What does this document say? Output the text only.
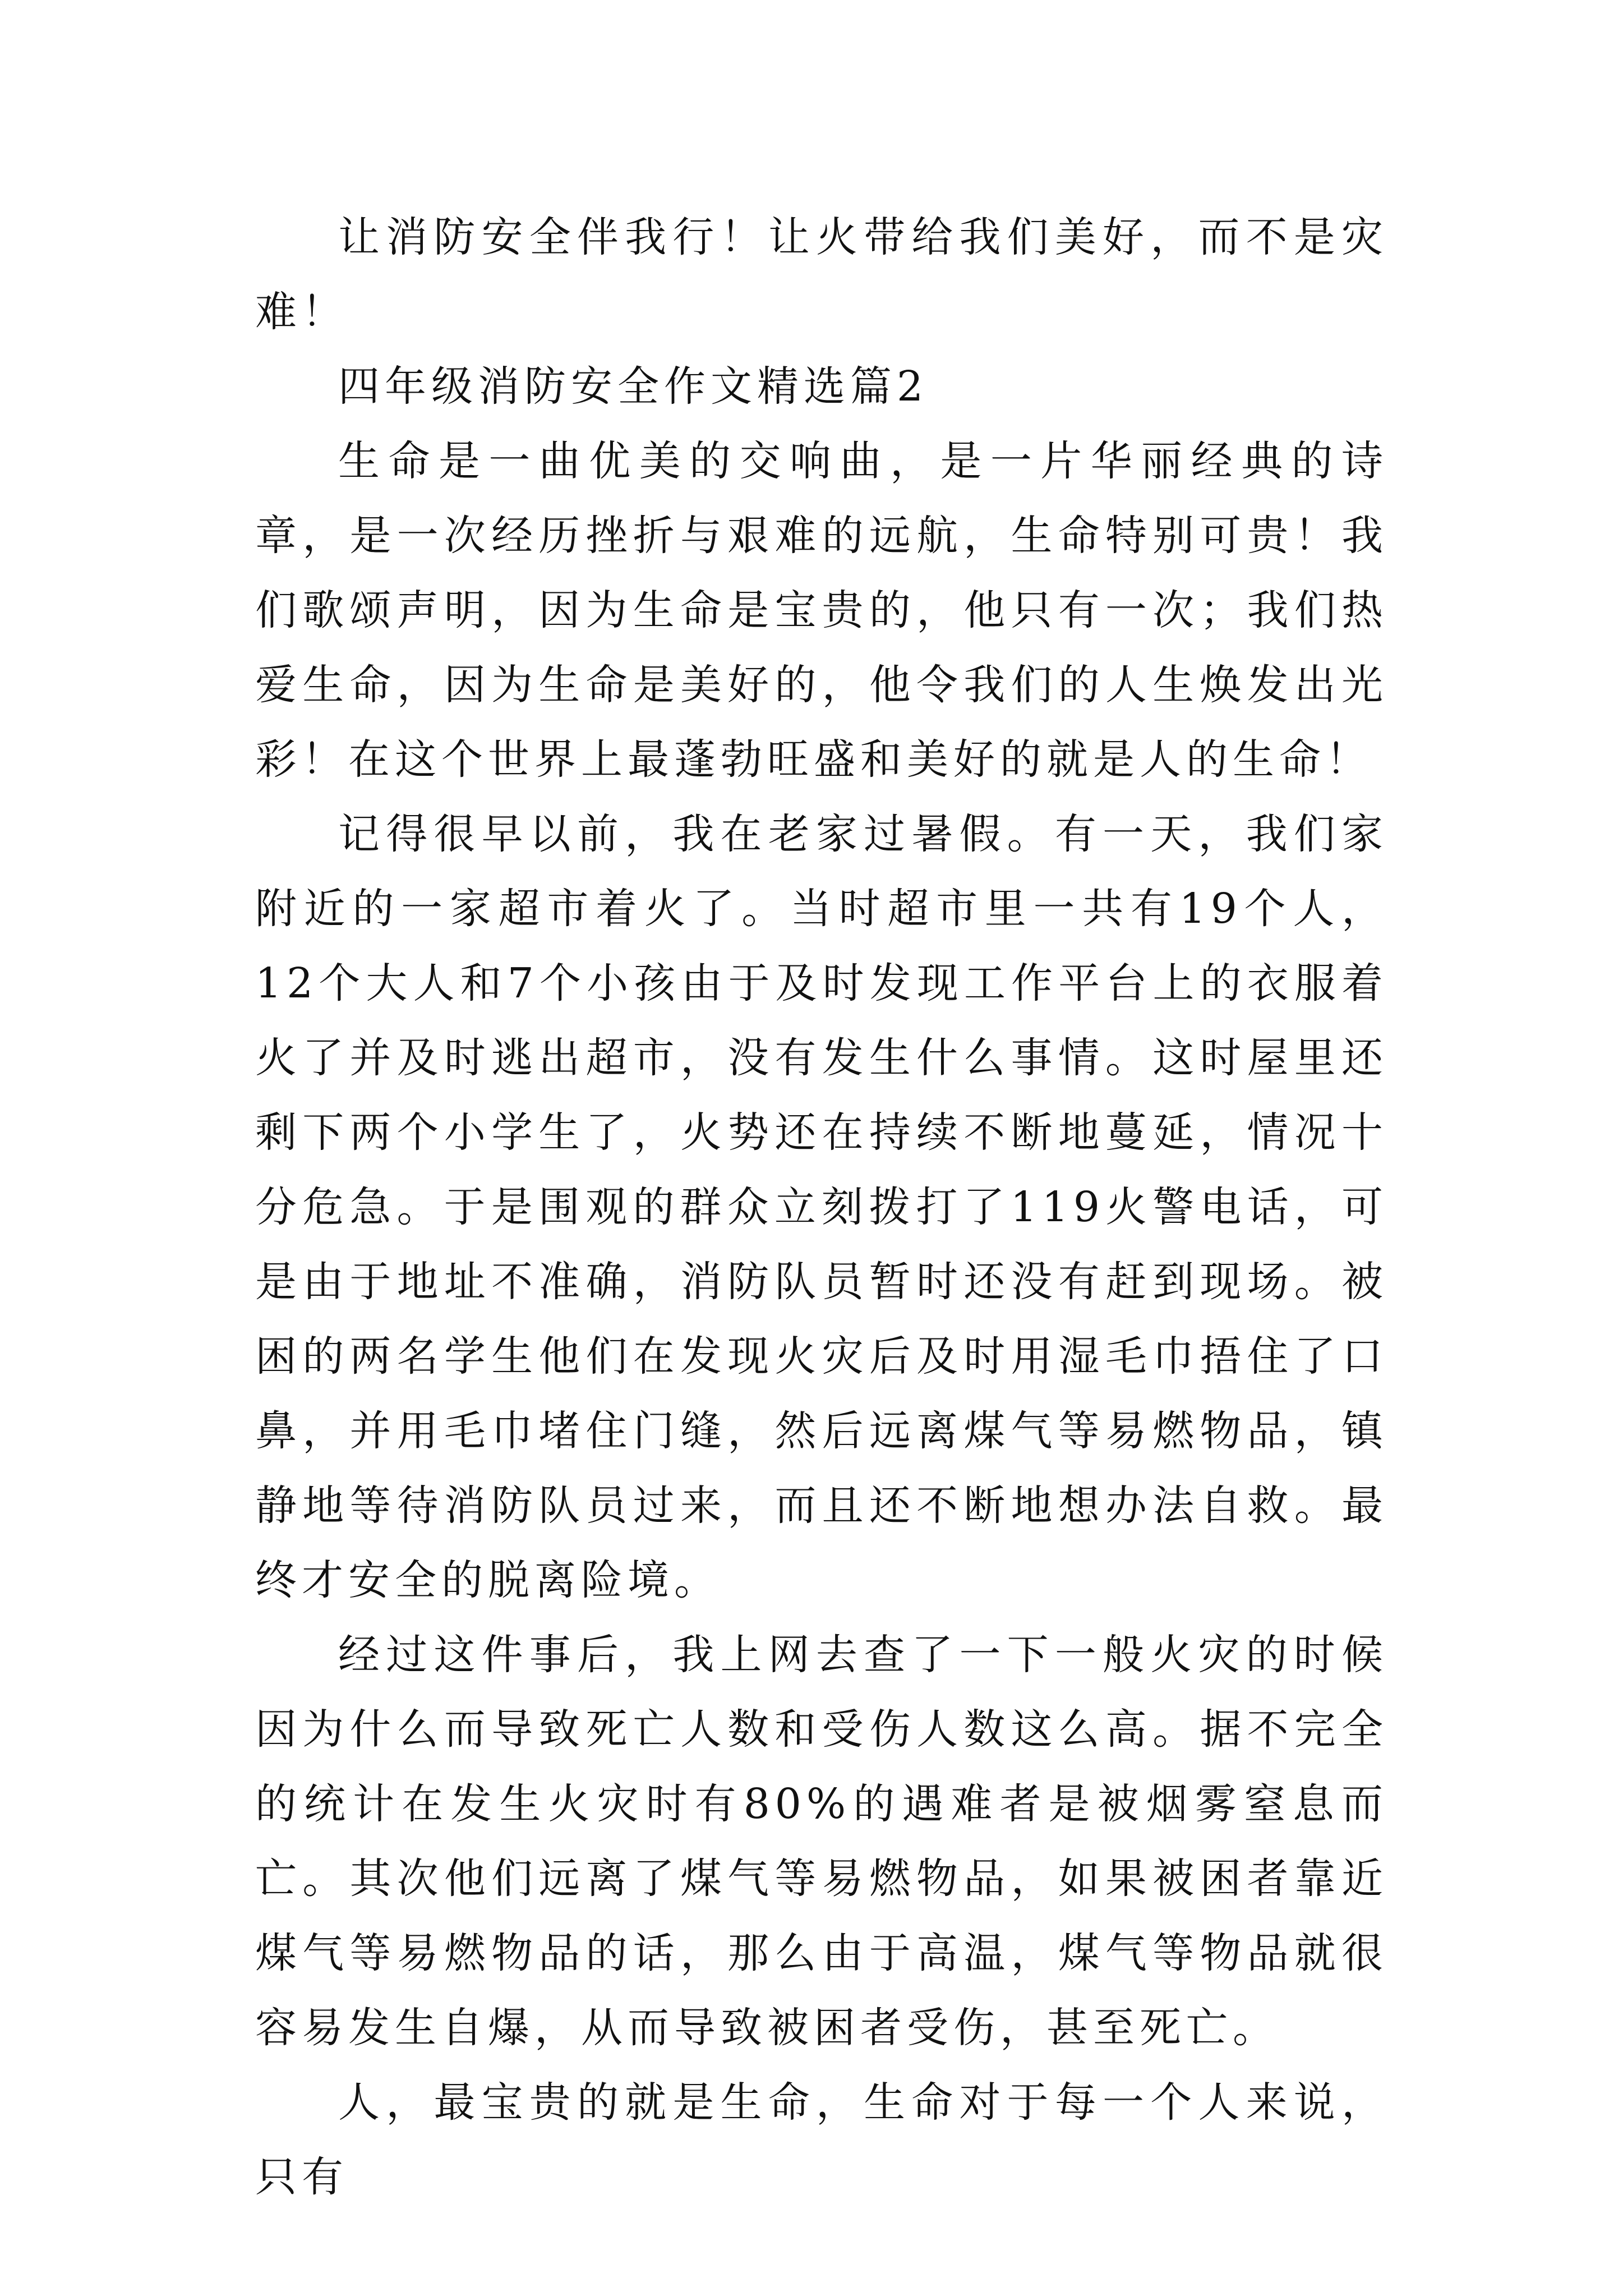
让消防安全伴我行！让火带给我们美好，而不是灾难！

四年级消防安全作文精选篇2

生命是一曲优美的交响曲，是一片华丽经典的诗章，是一次经历挫折与艰难的远航，生命特别可贵！我们歌颂声明，因为生命是宝贵的，他只有一次；我们热爱生命，因为生命是美好的，他令我们的人生焕发出光彩！在这个世界上最蓬勃旺盛和美好的就是人的生命！

记得很早以前，我在老家过暑假。有一天，我们家附近的一家超市着火了。当时超市里一共有19个人，12个大人和7个小孩由于及时发现工作平台上的衣服着火了并及时逃出超市，没有发生什么事情。这时屋里还剩下两个小学生了，火势还在持续不断地蔓延，情况十分危急。于是围观的群众立刻拨打了119火警电话，可是由于地址不准确，消防队员暂时还没有赶到现场。被困的两名学生他们在发现火灾后及时用湿毛巾捂住了口鼻，并用毛巾堵住门缝，然后远离煤气等易燃物品，镇静地等待消防队员过来，而且还不断地想办法自救。最终才安全的脱离险境。

经过这件事后，我上网去查了一下一般火灾的时候因为什么而导致死亡人数和受伤人数这么高。据不完全的统计在发生火灾时有80%的遇难者是被烟雾窒息而亡。其次他们远离了煤气等易燃物品，如果被困者靠近煤气等易燃物品的话，那么由于高温，煤气等物品就很容易发生自爆，从而导致被困者受伤，甚至死亡。

人，最宝贵的就是生命，生命对于每一个人来说，只有
